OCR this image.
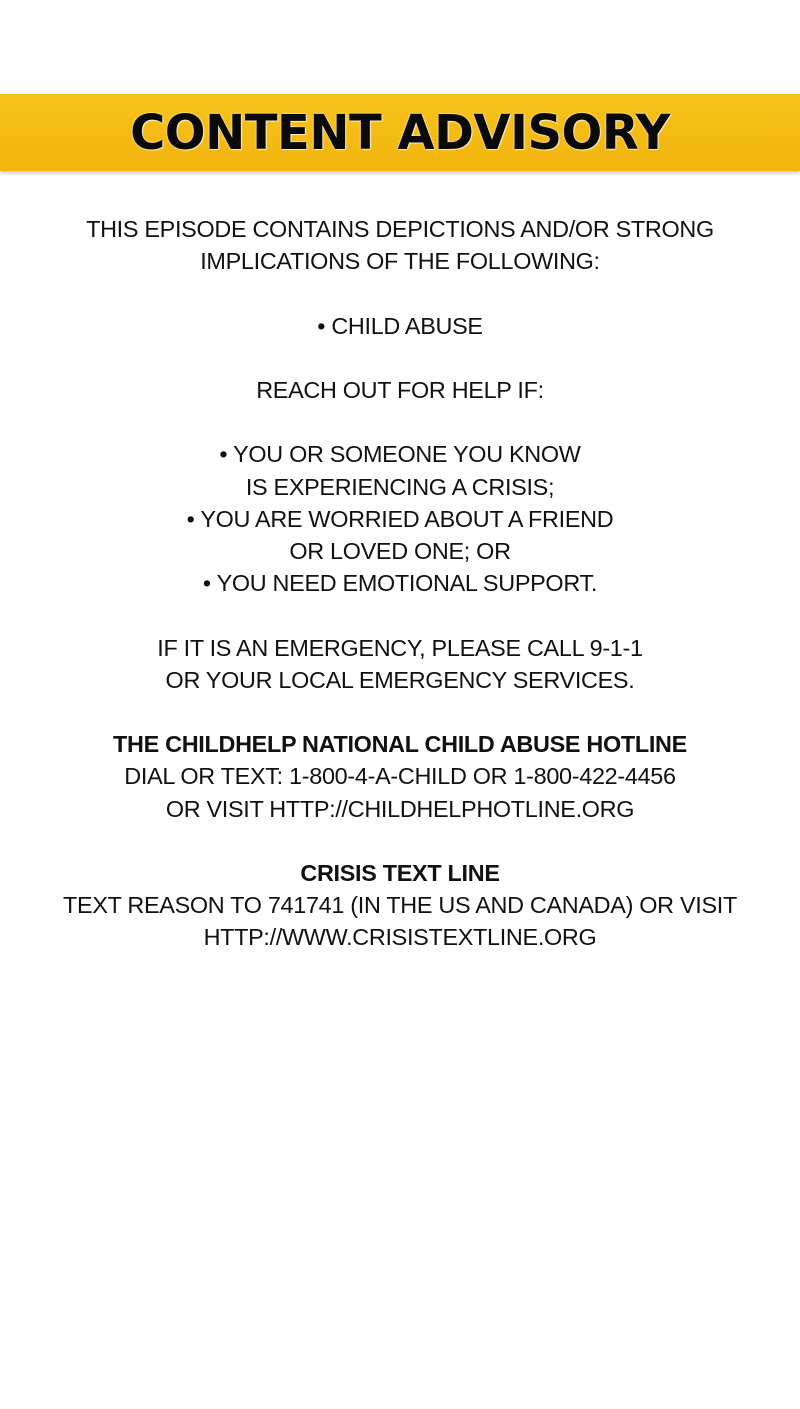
CONTENT ADVISORY
THIS EPISODE CONTAINS DEPICTIONS AND/OR STRONG
IMPLICATIONS OF THE FOLLOWING:
• CHILD ABUSE
REACH OUT FOR HELP IF:
• YOU OR SOMEONE YOU KNOW
IS EXPERIENCING A CRISIS;
• YOU ARE WORRIED ABOUT A FRIEND
OR LOVED ONE; OR
• YOU NEED EMOTIONAL SUPPORT.
IF IT IS AN EMERGENCY, PLEASE CALL 9-1-1
OR YOUR LOCAL EMERGENCY SERVICES.
THE CHILDHELP NATIONAL CHILD ABUSE HOTLINE
DIAL OR TEXT: 1-800-4-A-CHILD OR 1-800-422-4456
OR VISIT HTTP://CHILDHELPHOTLINE.ORG
CRISIS TEXT LINE
TEXT REASON TO 741741 (IN THE US AND CANADA) OR VISIT
HTTP://WWW.CRISISTEXTLINE.ORG
